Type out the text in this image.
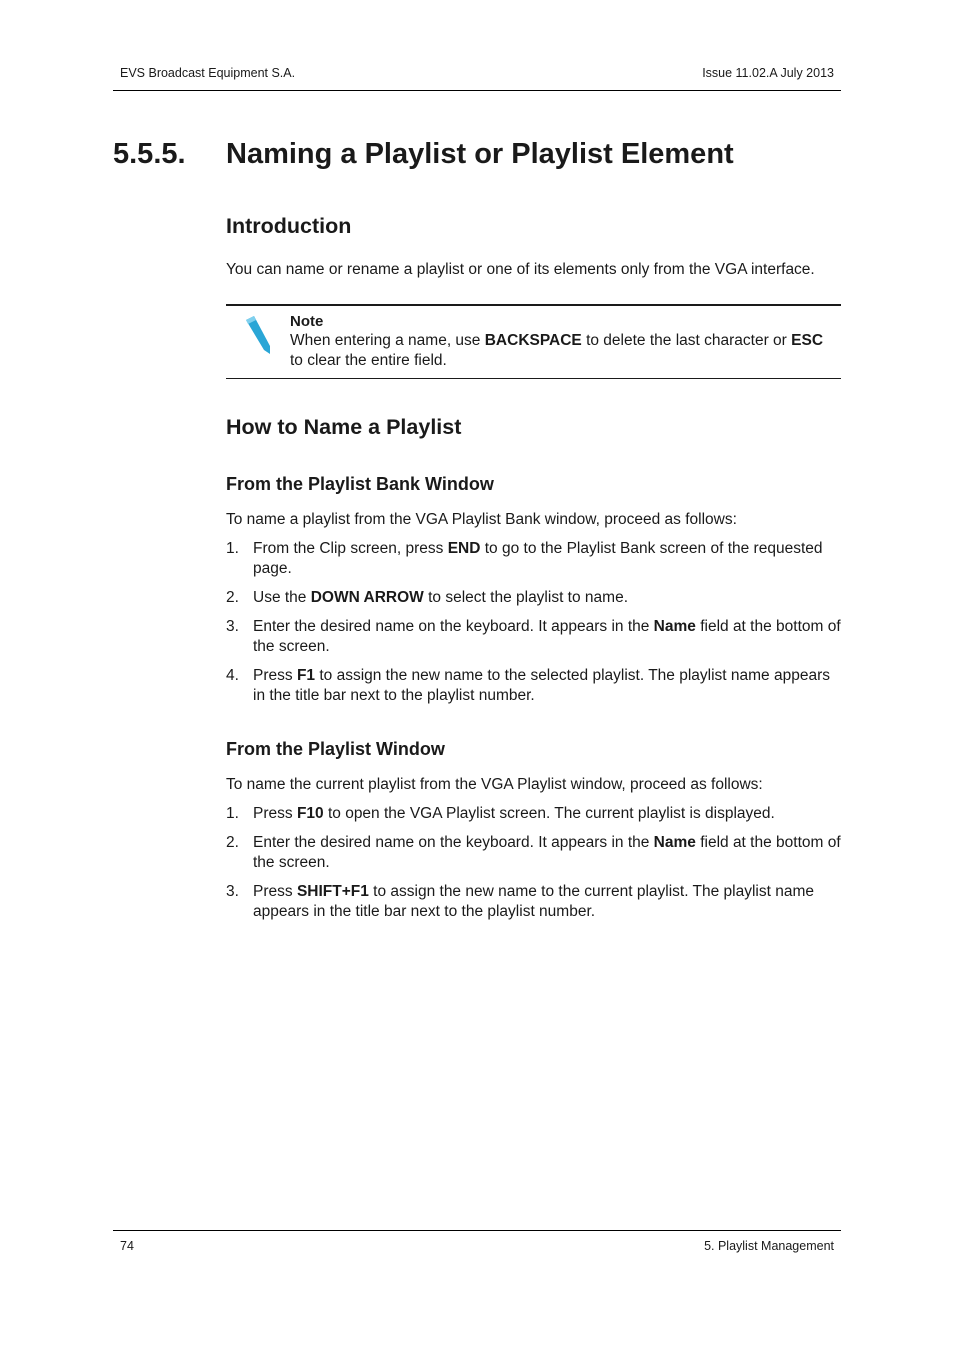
EVS Broadcast Equipment S.A.	Issue 11.02.A July 2013
5.5.5. Naming a Playlist or Playlist Element
Introduction

You can name or rename a playlist or one of its elements only from the VGA interface.

Note
When entering a name, use BACKSPACE to delete the last character or ESC to clear the entire field.
How to Name a Playlist
From the Playlist Bank Window

To name a playlist from the VGA Playlist Bank window, proceed as follows:

1. From the Clip screen, press END to go to the Playlist Bank screen of the requested page.
2. Use the DOWN ARROW to select the playlist to name.
3. Enter the desired name on the keyboard. It appears in the Name field at the bottom of the screen.
4. Press F1 to assign the new name to the selected playlist. The playlist name appears in the title bar next to the playlist number.
From the Playlist Window

To name the current playlist from the VGA Playlist window, proceed as follows:

1. Press F10 to open the VGA Playlist screen. The current playlist is displayed.
2. Enter the desired name on the keyboard. It appears in the Name field at the bottom of the screen.
3. Press SHIFT+F1 to assign the new name to the current playlist. The playlist name appears in the title bar next to the playlist number.
74	5. Playlist Management
